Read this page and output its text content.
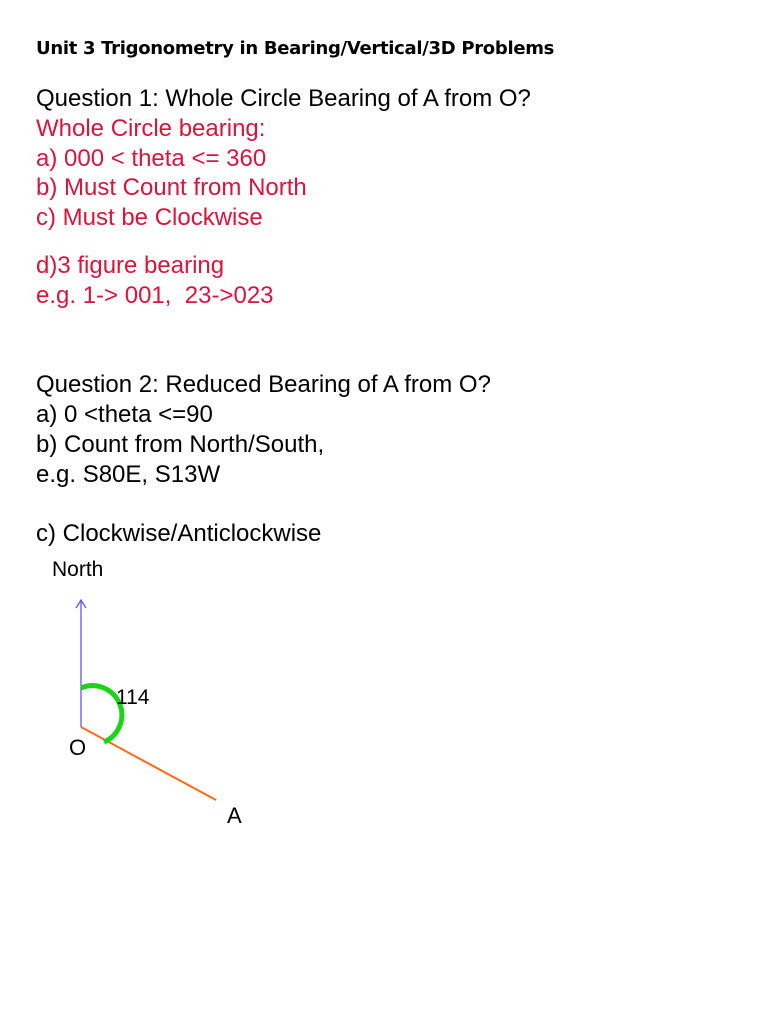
Unit 3 Trigonometry in Bearing/Vertical/3D Problems
Question 1: Whole Circle Bearing of A from O?
Whole Circle bearing:
a) 000 < theta <= 360
b) Must Count from North
c) Must be Clockwise
d)3 figure bearing
e.g. 1-> 001,  23->023
Question 2: Reduced Bearing of A from O?
a) 0 <theta <=90
b) Count from North/South,
e.g. S80E, S13W
c) Clockwise/Anticlockwise
North
114
O
A
